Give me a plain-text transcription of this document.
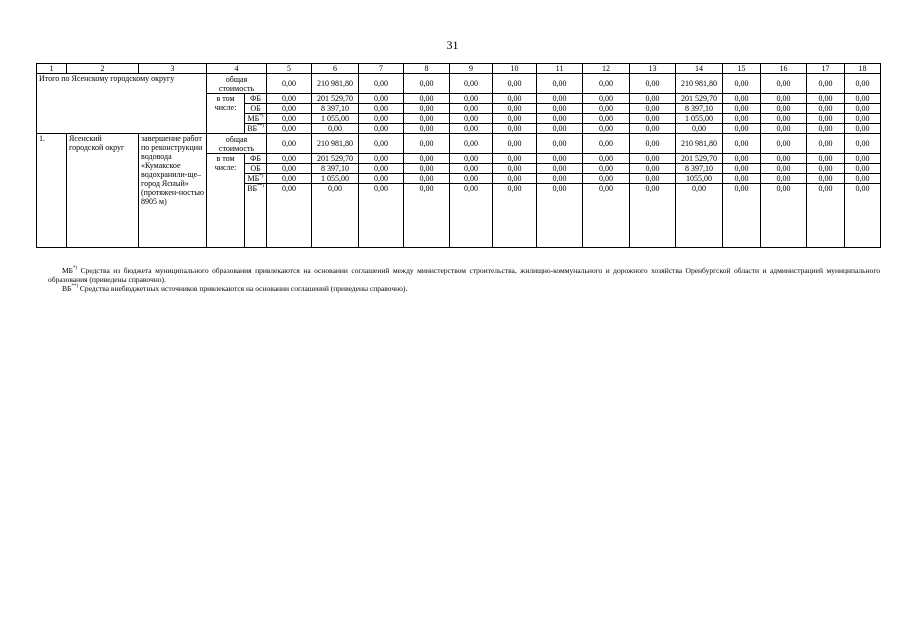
31
1	2	3	4		5	6	7	8	9	10	11	12	13	14	15	16	17	18
Итого по Ясенскому городскому округу			общая стоимость		0,00	210 981,80	0,00	0,00	0,00	0,00	0,00	0,00	0,00	210 981,80	0,00	0,00	0,00	0,00
			в том числе:	ФБ	0,00	201 529,70	0,00	0,00	0,00	0,00	0,00	0,00	0,00	201 529,70	0,00	0,00	0,00	0,00
				ОБ	0,00	8 397,10	0,00	0,00	0,00	0,00	0,00	0,00	0,00	8 397,10	0,00	0,00	0,00	0,00
				МБ*)	0,00	1 055,00	0,00	0,00	0,00	0,00	0,00	0,00	0,00	1 055,00	0,00	0,00	0,00	0,00
				ВБ**)	0,00	0,00	0,00	0,00	0,00	0,00	0,00	0,00	0,00	0,00	0,00	0,00	0,00	0,00
1.	Ясенский городской округ	завершение работ по реконструкции водовода «Кумакское водохранили-ще– город Ясный» (протяжен-ностью 8905 м)	общая стоимость		0,00	210 981,80	0,00	0,00	0,00	0,00	0,00	0,00	0,00	210 981,80	0,00	0,00	0,00	0,00
			в том числе:	ФБ	0,00	201 529,70	0,00	0,00	0,00	0,00	0,00	0,00	0,00	201 529,70	0,00	0,00	0,00	0,00
				ОБ	0,00	8 397,10	0,00	0,00	0,00	0,00	0,00	0,00	0,00	8 397,10	0,00	0,00	0,00	0,00
				МБ*)	0,00	1 055,00	0,00	0,00	0,00	0,00	0,00	0,00	0,00	1055,00	0,00	0,00	0,00	0,00
				ВБ**)	0,00	0,00	0,00	0,00	0,00	0,00	0,00	0,00	0,00	0,00	0,00	0,00	0,00	0,00

МБ*) Средства из бюджета муниципального образования привлекаются на основании соглашений между министерством строительства, жилищно-коммунального и дорожного хозяйства Оренбургской области и администрацией муниципального образования (приведены справочно).

ВБ**) Средства внебюджетных источников привлекаются на основании соглашений (приведены справочно).
